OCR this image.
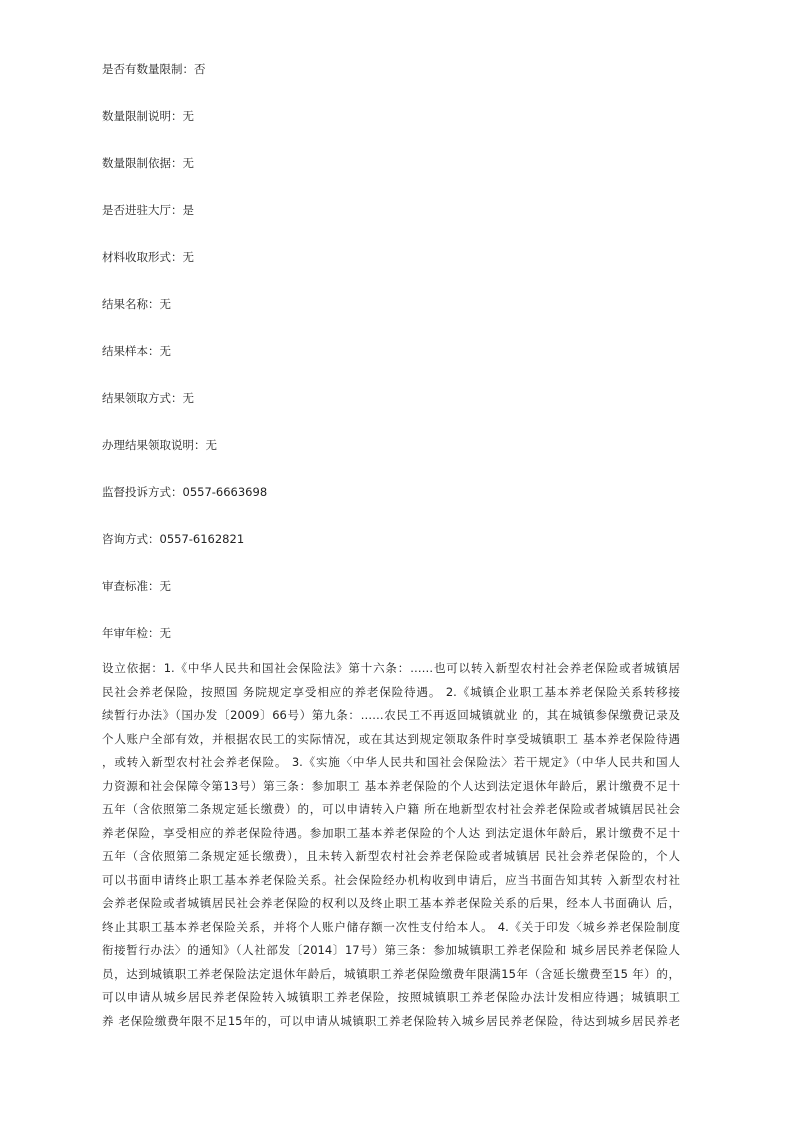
是否有数量限制：否
数量限制说明：无
数量限制依据：无
是否进驻大厅：是
材料收取形式：无
结果名称：无
结果样本：无
结果领取方式：无
办理结果领取说明：无
监督投诉方式：0557-6663698
咨询方式：0557-6162821
审查标准：无
年审年检：无
设立依据：1.《中华人民共和国社会保险法》第十六条：……也可以转入新型农村社会养老保险或者城镇居
民社会养老保险，按照国 务院规定享受相应的养老保险待遇。 2.《城镇企业职工基本养老保险关系转移接
续暂行办法》（国办发〔2009〕66号）第九条：……农民工不再返回城镇就业 的，其在城镇参保缴费记录及
个人账户全部有效，并根据农民工的实际情况，或在其达到规定领取条件时享受城镇职工 基本养老保险待遇
，或转入新型农村社会养老保险。 3.《实施〈中华人民共和国社会保险法〉若干规定》（中华人民共和国人
力资源和社会保障令第13号）第三条：参加职工 基本养老保险的个人达到法定退休年龄后，累计缴费不足十
五年（含依照第二条规定延长缴费）的，可以申请转入户籍 所在地新型农村社会养老保险或者城镇居民社会
养老保险，享受相应的养老保险待遇。参加职工基本养老保险的个人达 到法定退休年龄后，累计缴费不足十
五年（含依照第二条规定延长缴费），且未转入新型农村社会养老保险或者城镇居 民社会养老保险的，个人
可以书面申请终止职工基本养老保险关系。社会保险经办机构收到申请后，应当书面告知其转 入新型农村社
会养老保险或者城镇居民社会养老保险的权利以及终止职工基本养老保险关系的后果，经本人书面确认 后，
终止其职工基本养老保险关系，并将个人账户储存额一次性支付给本人。 4.《关于印发〈城乡养老保险制度
衔接暂行办法〉的通知》（人社部发〔2014〕17号）第三条：参加城镇职工养老保险和 城乡居民养老保险人
员，达到城镇职工养老保险法定退休年龄后，城镇职工养老保险缴费年限满15年（含延长缴费至15 年）的，
可以申请从城乡居民养老保险转入城镇职工养老保险，按照城镇职工养老保险办法计发相应待遇；城镇职工
养 老保险缴费年限不足15年的，可以申请从城镇职工养老保险转入城乡居民养老保险，待达到城乡居民养老
